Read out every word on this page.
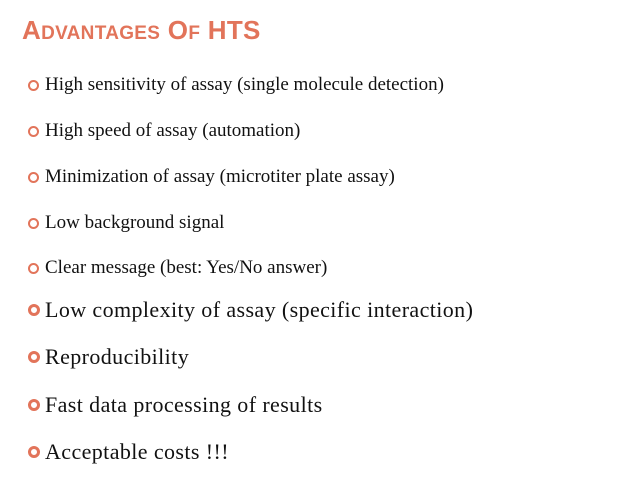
ADVANTAGES OF HTS
High sensitivity of assay (single molecule detection)
High speed of assay (automation)
Minimization of assay (microtiter plate assay)
Low background signal
Clear message (best: Yes/No answer)
Low complexity of assay (specific interaction)
Reproducibility
Fast data processing of results
Acceptable costs !!!
